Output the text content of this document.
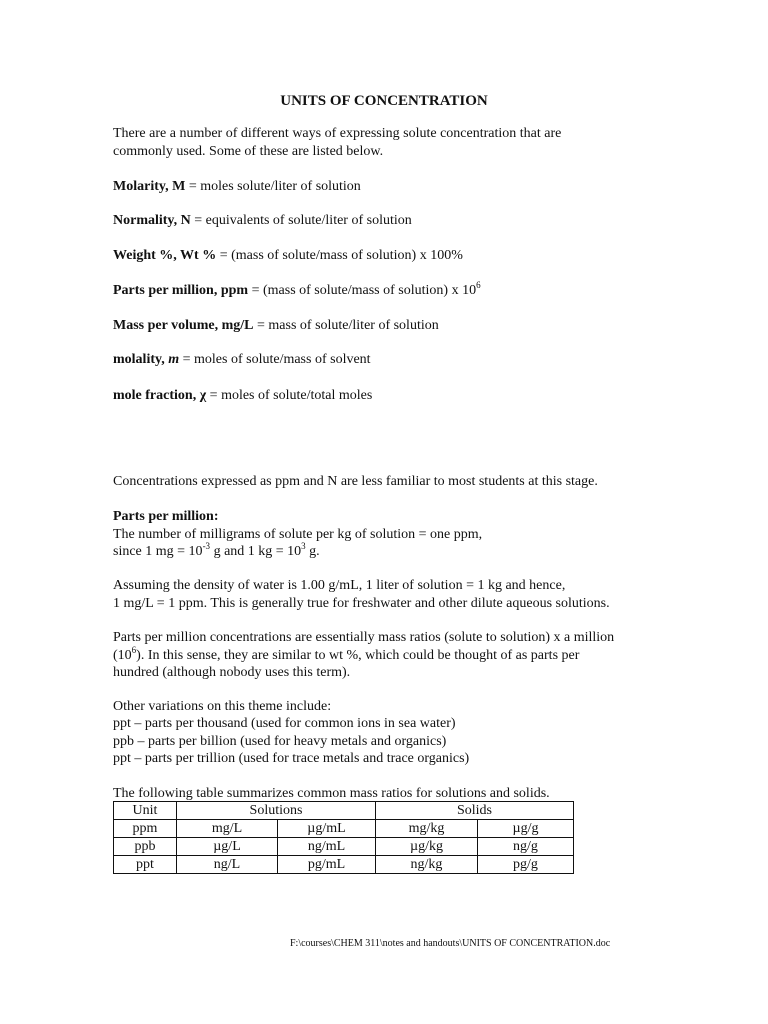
UNITS OF CONCENTRATION
There are a number of different ways of expressing solute concentration that are
commonly used. Some of these are listed below.
Molarity, M = moles solute/liter of solution
Normality, N = equivalents of solute/liter of solution
Weight %, Wt % = (mass of solute/mass of solution) x 100%
Parts per million, ppm = (mass of solute/mass of solution) x $10^6$
Mass per volume, mg/L = mass of solute/liter of solution
molality, m = moles of solute/mass of solvent
mole fraction, χ = moles of solute/total moles
Concentrations expressed as ppm and N are less familiar to most students at this stage.
Parts per million:
The number of milligrams of solute per kg of solution = one ppm,
since 1 mg = $10^{-3}$ g and 1 kg = $10^3$ g.
Assuming the density of water is 1.00 g/mL, 1 liter of solution = 1 kg and hence,
1 mg/L = 1 ppm. This is generally true for freshwater and other dilute aqueous solutions.
Parts per million concentrations are essentially mass ratios (solute to solution) x a million
$(10^6)$. In this sense, they are similar to wt %, which could be thought of as parts per
hundred (although nobody uses this term).
Other variations on this theme include:
ppt – parts per thousand (used for common ions in sea water)
ppb – parts per billion (used for heavy metals and organics)
ppt – parts per trillion (used for trace metals and trace organics)
The following table summarizes common mass ratios for solutions and solids.
Unit	Solutions		Solids	
ppm	mg/L	µg/mL	mg/kg	µg/g
ppb	µg/L	ng/mL	µg/kg	ng/g
ppt	ng/L	pg/mL	ng/kg	pg/g
F:\courses\CHEM 311\notes and handouts\UNITS OF CONCENTRATION.doc
